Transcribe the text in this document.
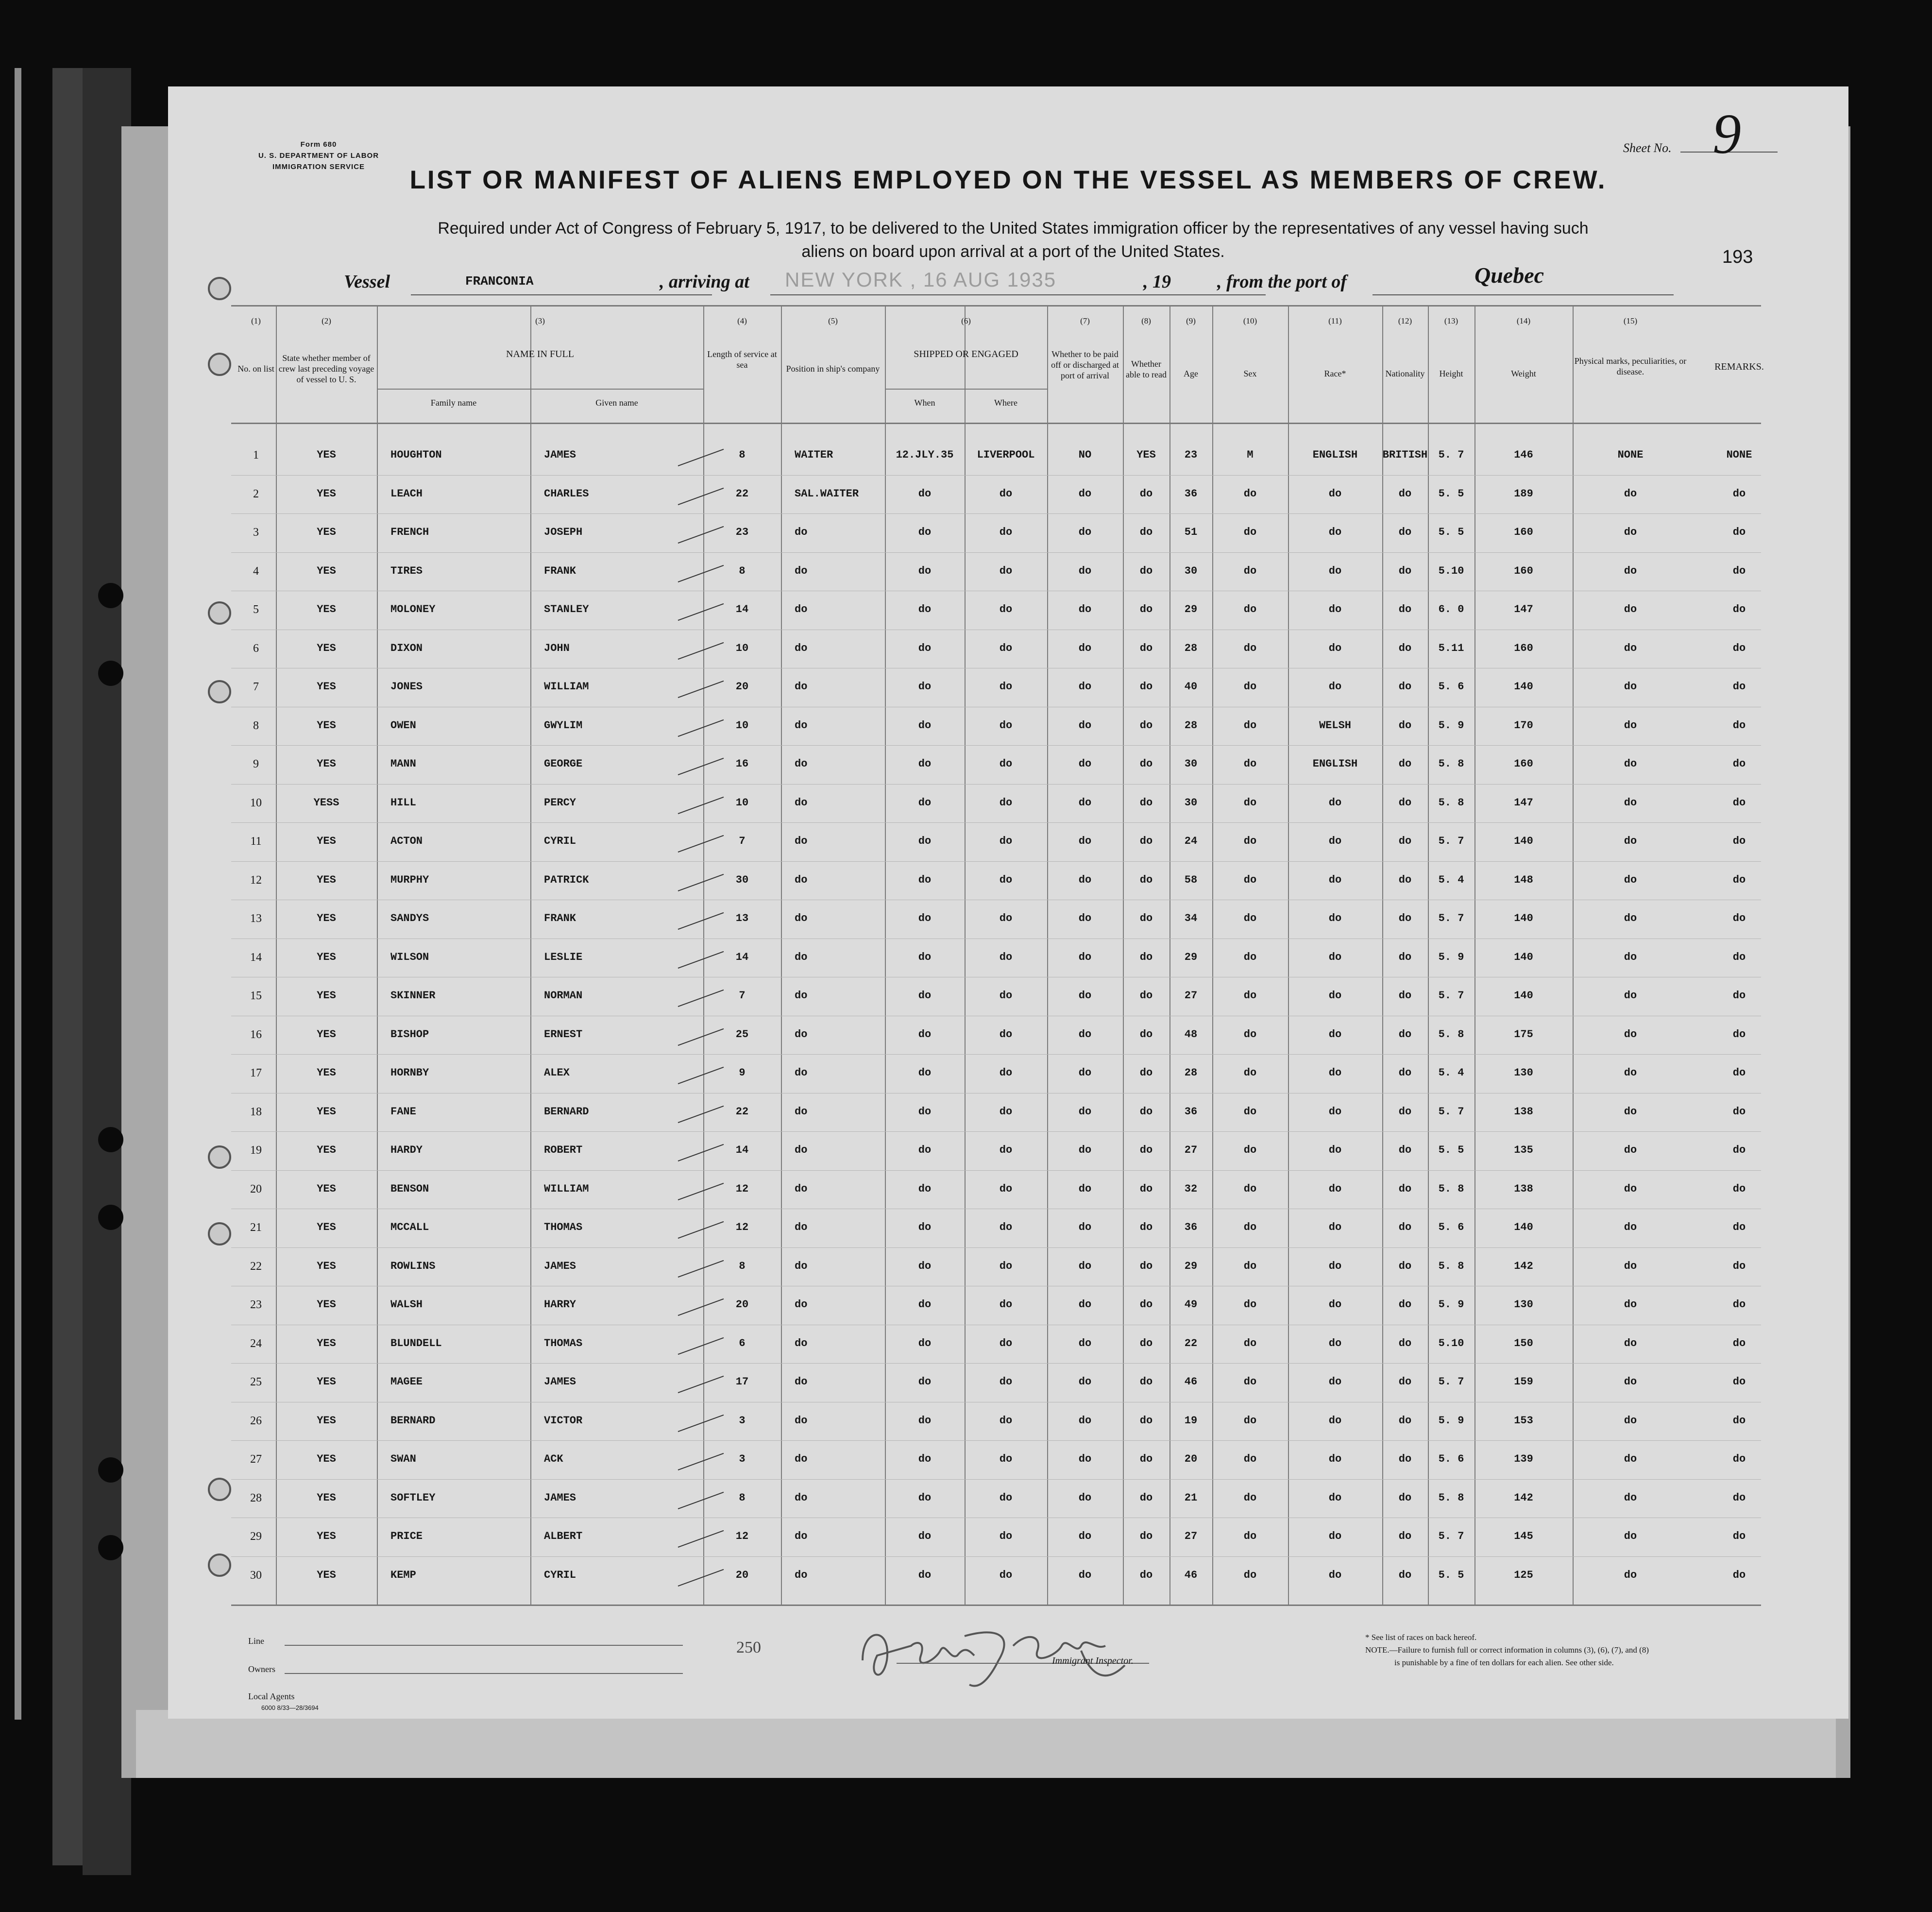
Form 680
U. S. DEPARTMENT OF LABOR
IMMIGRATION SERVICE
Sheet No. 9
LIST OR MANIFEST OF ALIENS EMPLOYED ON THE VESSEL AS MEMBERS OF CREW.
Required under Act of Congress of February 5, 1917, to be delivered to the United States immigration officer by the representatives of any vessel having such
aliens on board upon arrival at a port of the United States.	193
Vessel	FRANCONIA	, arriving at NEW YORK , 16 AUG 1935	, 19	, from the port of	Quebec
Line
Owners
Local Agents
6000 8/33—28/3694
250
Immigrant Inspector.
* See list of races on back hereof.
NOTE.—Failure to furnish full or correct information in columns (3), (6), (7), and (8)
is punishable by a fine of ten dollars for each alien. See other side.
(1)	(2)	(3)	(4)	(5)	(6)	(7)	(8)	(9)	(10)	(11)	(12)	(13)	(14)	(15)
No. on list
State whether member of crew last preceding voyage of vessel to U. S.
NAME IN FULL
Family name	Given name
Length of service at sea	Position in ship's company
SHIPPED OR ENGAGED
When	Where
Whether to be paid off or discharged at port of arrival
Whether able to read	Age	Sex	Race*	Nationality	Height	Weight
Physical marks, peculiarities, or disease.	REMARKS.
1	YES	HOUGHTON	JAMES	8	WAITER	12.JLY.35	LIVERPOOL	NO	YES	23	M	ENGLISH	BRITISH	5. 7	146	NONE	NONE
2	YES	LEACH	CHARLES	22	SAL.WAITER	do	do	do	do	36	do	do	do	5. 5	189	do	do
3	YES	FRENCH	JOSEPH	23	do	do	do	do	do	51	do	do	do	5. 5	160	do	do
4	YES	TIRES	FRANK	8	do	do	do	do	do	30	do	do	do	5.10	160	do	do
5	YES	MOLONEY	STANLEY	14	do	do	do	do	do	29	do	do	do	6. 0	147	do	do
6	YES	DIXON	JOHN	10	do	do	do	do	do	28	do	do	do	5.11	160	do	do
7	YES	JONES	WILLIAM	20	do	do	do	do	do	40	do	do	do	5. 6	140	do	do
8	YES	OWEN	GWYLIM	10	do	do	do	do	do	28	do	WELSH	do	5. 9	170	do	do
9	YES	MANN	GEORGE	16	do	do	do	do	do	30	do	ENGLISH	do	5. 8	160	do	do
10	YESS	HILL	PERCY	10	do	do	do	do	do	30	do	do	do	5. 8	147	do	do
11	YES	ACTON	CYRIL	7	do	do	do	do	do	24	do	do	do	5. 7	140	do	do
12	YES	MURPHY	PATRICK	30	do	do	do	do	do	58	do	do	do	5. 4	148	do	do
13	YES	SANDYS	FRANK	13	do	do	do	do	do	34	do	do	do	5. 7	140	do	do
14	YES	WILSON	LESLIE	14	do	do	do	do	do	29	do	do	do	5. 9	140	do	do
15	YES	SKINNER	NORMAN	7	do	do	do	do	do	27	do	do	do	5. 7	140	do	do
16	YES	BISHOP	ERNEST	25	do	do	do	do	do	48	do	do	do	5. 8	175	do	do
17	YES	HORNBY	ALEX	9	do	do	do	do	do	28	do	do	do	5. 4	130	do	do
18	YES	FANE	BERNARD	22	do	do	do	do	do	36	do	do	do	5. 7	138	do	do
19	YES	HARDY	ROBERT	14	do	do	do	do	do	27	do	do	do	5. 5	135	do	do
20	YES	BENSON	WILLIAM	12	do	do	do	do	do	32	do	do	do	5. 8	138	do	do
21	YES	MCCALL	THOMAS	12	do	do	do	do	do	36	do	do	do	5. 6	140	do	do
22	YES	ROWLINS	JAMES	8	do	do	do	do	do	29	do	do	do	5. 8	142	do	do
23	YES	WALSH	HARRY	20	do	do	do	do	do	49	do	do	do	5. 9	130	do	do
24	YES	BLUNDELL	THOMAS	6	do	do	do	do	do	22	do	do	do	5.10	150	do	do
25	YES	MAGEE	JAMES	17	do	do	do	do	do	46	do	do	do	5. 7	159	do	do
26	YES	BERNARD	VICTOR	3	do	do	do	do	do	19	do	do	do	5. 9	153	do	do
27	YES	SWAN	ACK	3	do	do	do	do	do	20	do	do	do	5. 6	139	do	do
28	YES	SOFTLEY	JAMES	8	do	do	do	do	do	21	do	do	do	5. 8	142	do	do
29	YES	PRICE	ALBERT	12	do	do	do	do	do	27	do	do	do	5. 7	145	do	do
30	YES	KEMP	CYRIL	20	do	do	do	do	do	46	do	do	do	5. 5	125	do	do
